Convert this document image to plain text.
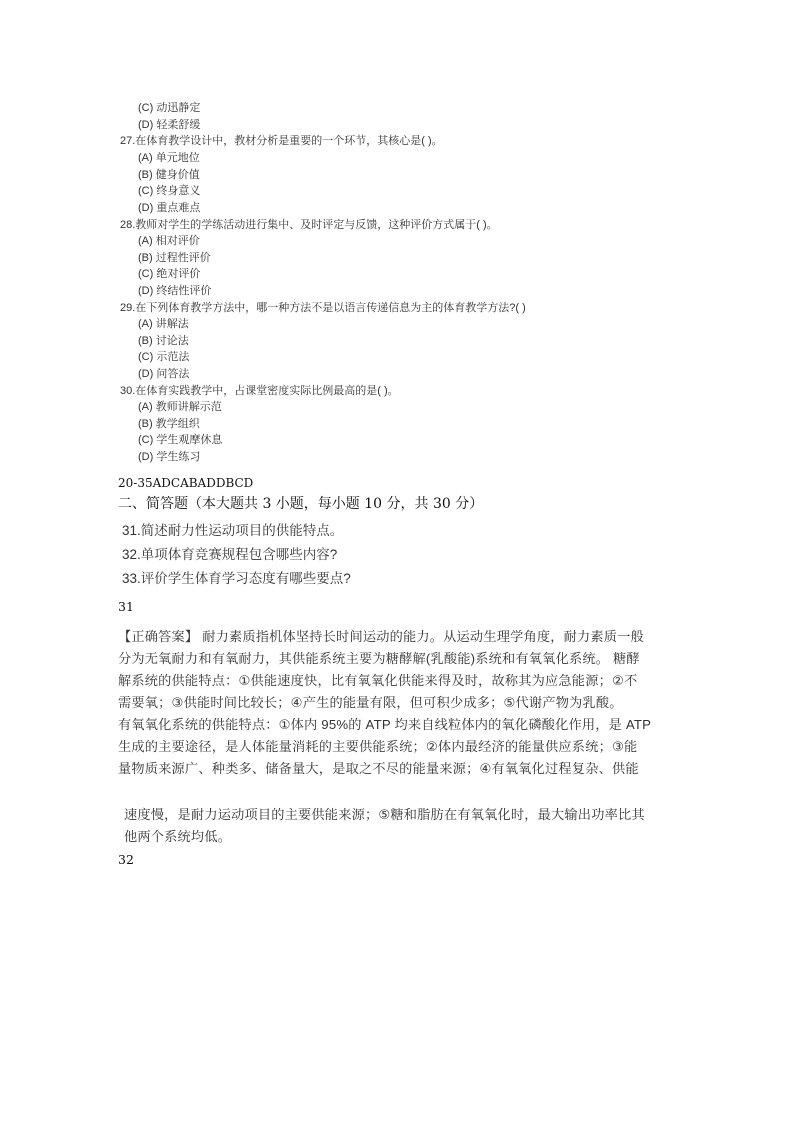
(C) 动迅静定
(D) 轻柔舒缓
27.在体育教学设计中，教材分析是重要的一个环节，其核心是( )。
(A) 单元地位
(B) 健身价值
(C) 终身意义
(D) 重点难点
28.教师对学生的学练活动进行集中、及时评定与反馈，这种评价方式属于( )。
(A) 相对评价
(B) 过程性评价
(C) 绝对评价
(D) 终结性评价
29.在下列体育教学方法中，哪一种方法不是以语言传递信息为主的体育教学方法?( )
(A) 讲解法
(B) 讨论法
(C) 示范法
(D) 问答法
30.在体育实践教学中，占课堂密度实际比例最高的是( )。
(A) 教师讲解示范
(B) 教学组织
(C) 学生观摩休息
(D) 学生练习
20-35ADCABADDBCD
二、简答题（本大题共 3 小题，每小题 10 分，共 30 分）
31.简述耐力性运动项目的供能特点。
32.单项体育竞赛规程包含哪些内容?
33.评价学生体育学习态度有哪些要点?
31
【正确答案】 耐力素质指机体坚持长时间运动的能力。从运动生理学角度，耐力素质一般
分为无氧耐力和有氧耐力，其供能系统主要为糖酵解(乳酸能)系统和有氧氧化系统。 糖酵
解系统的供能特点：①供能速度快，比有氧氧化供能来得及时，故称其为应急能源；②不
需要氧；③供能时间比较长；④产生的能量有限，但可积少成多；⑤代谢产物为乳酸。
有氧氧化系统的供能特点：①体内 95%的 ATP 均来自线粒体内的氧化磷酸化作用，是 ATP
生成的主要途径，是人体能量消耗的主要供能系统；②体内最经济的能量供应系统；③能
量物质来源广、种类多、储备量大，是取之不尽的能量来源；④有氧氧化过程复杂、供能
速度慢，是耐力运动项目的主要供能来源；⑤糖和脂肪在有氧氧化时，最大输出功率比其
他两个系统均低。
32
